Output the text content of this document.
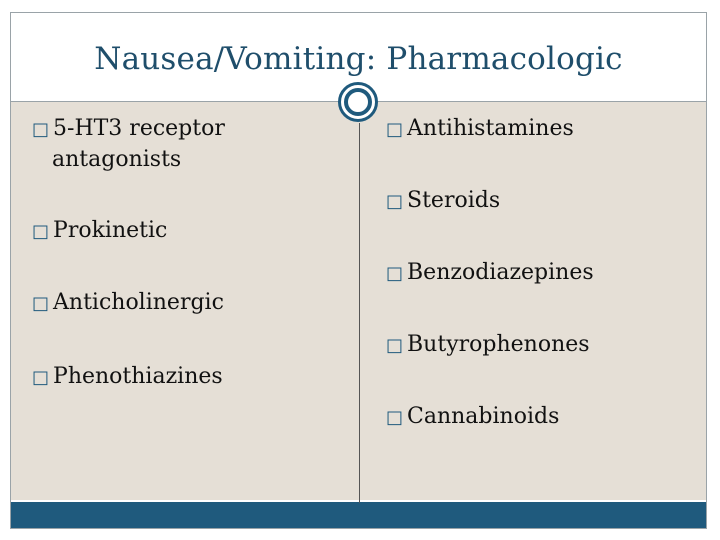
Nausea/Vomiting: Pharmacologic
□ 5-HT3 receptor
antagonists
□ Prokinetic
□ Anticholinergic
□ Phenothiazines
□ Antihistamines
□ Steroids
□ Benzodiazepines
□ Butyrophenones
□ Cannabinoids
